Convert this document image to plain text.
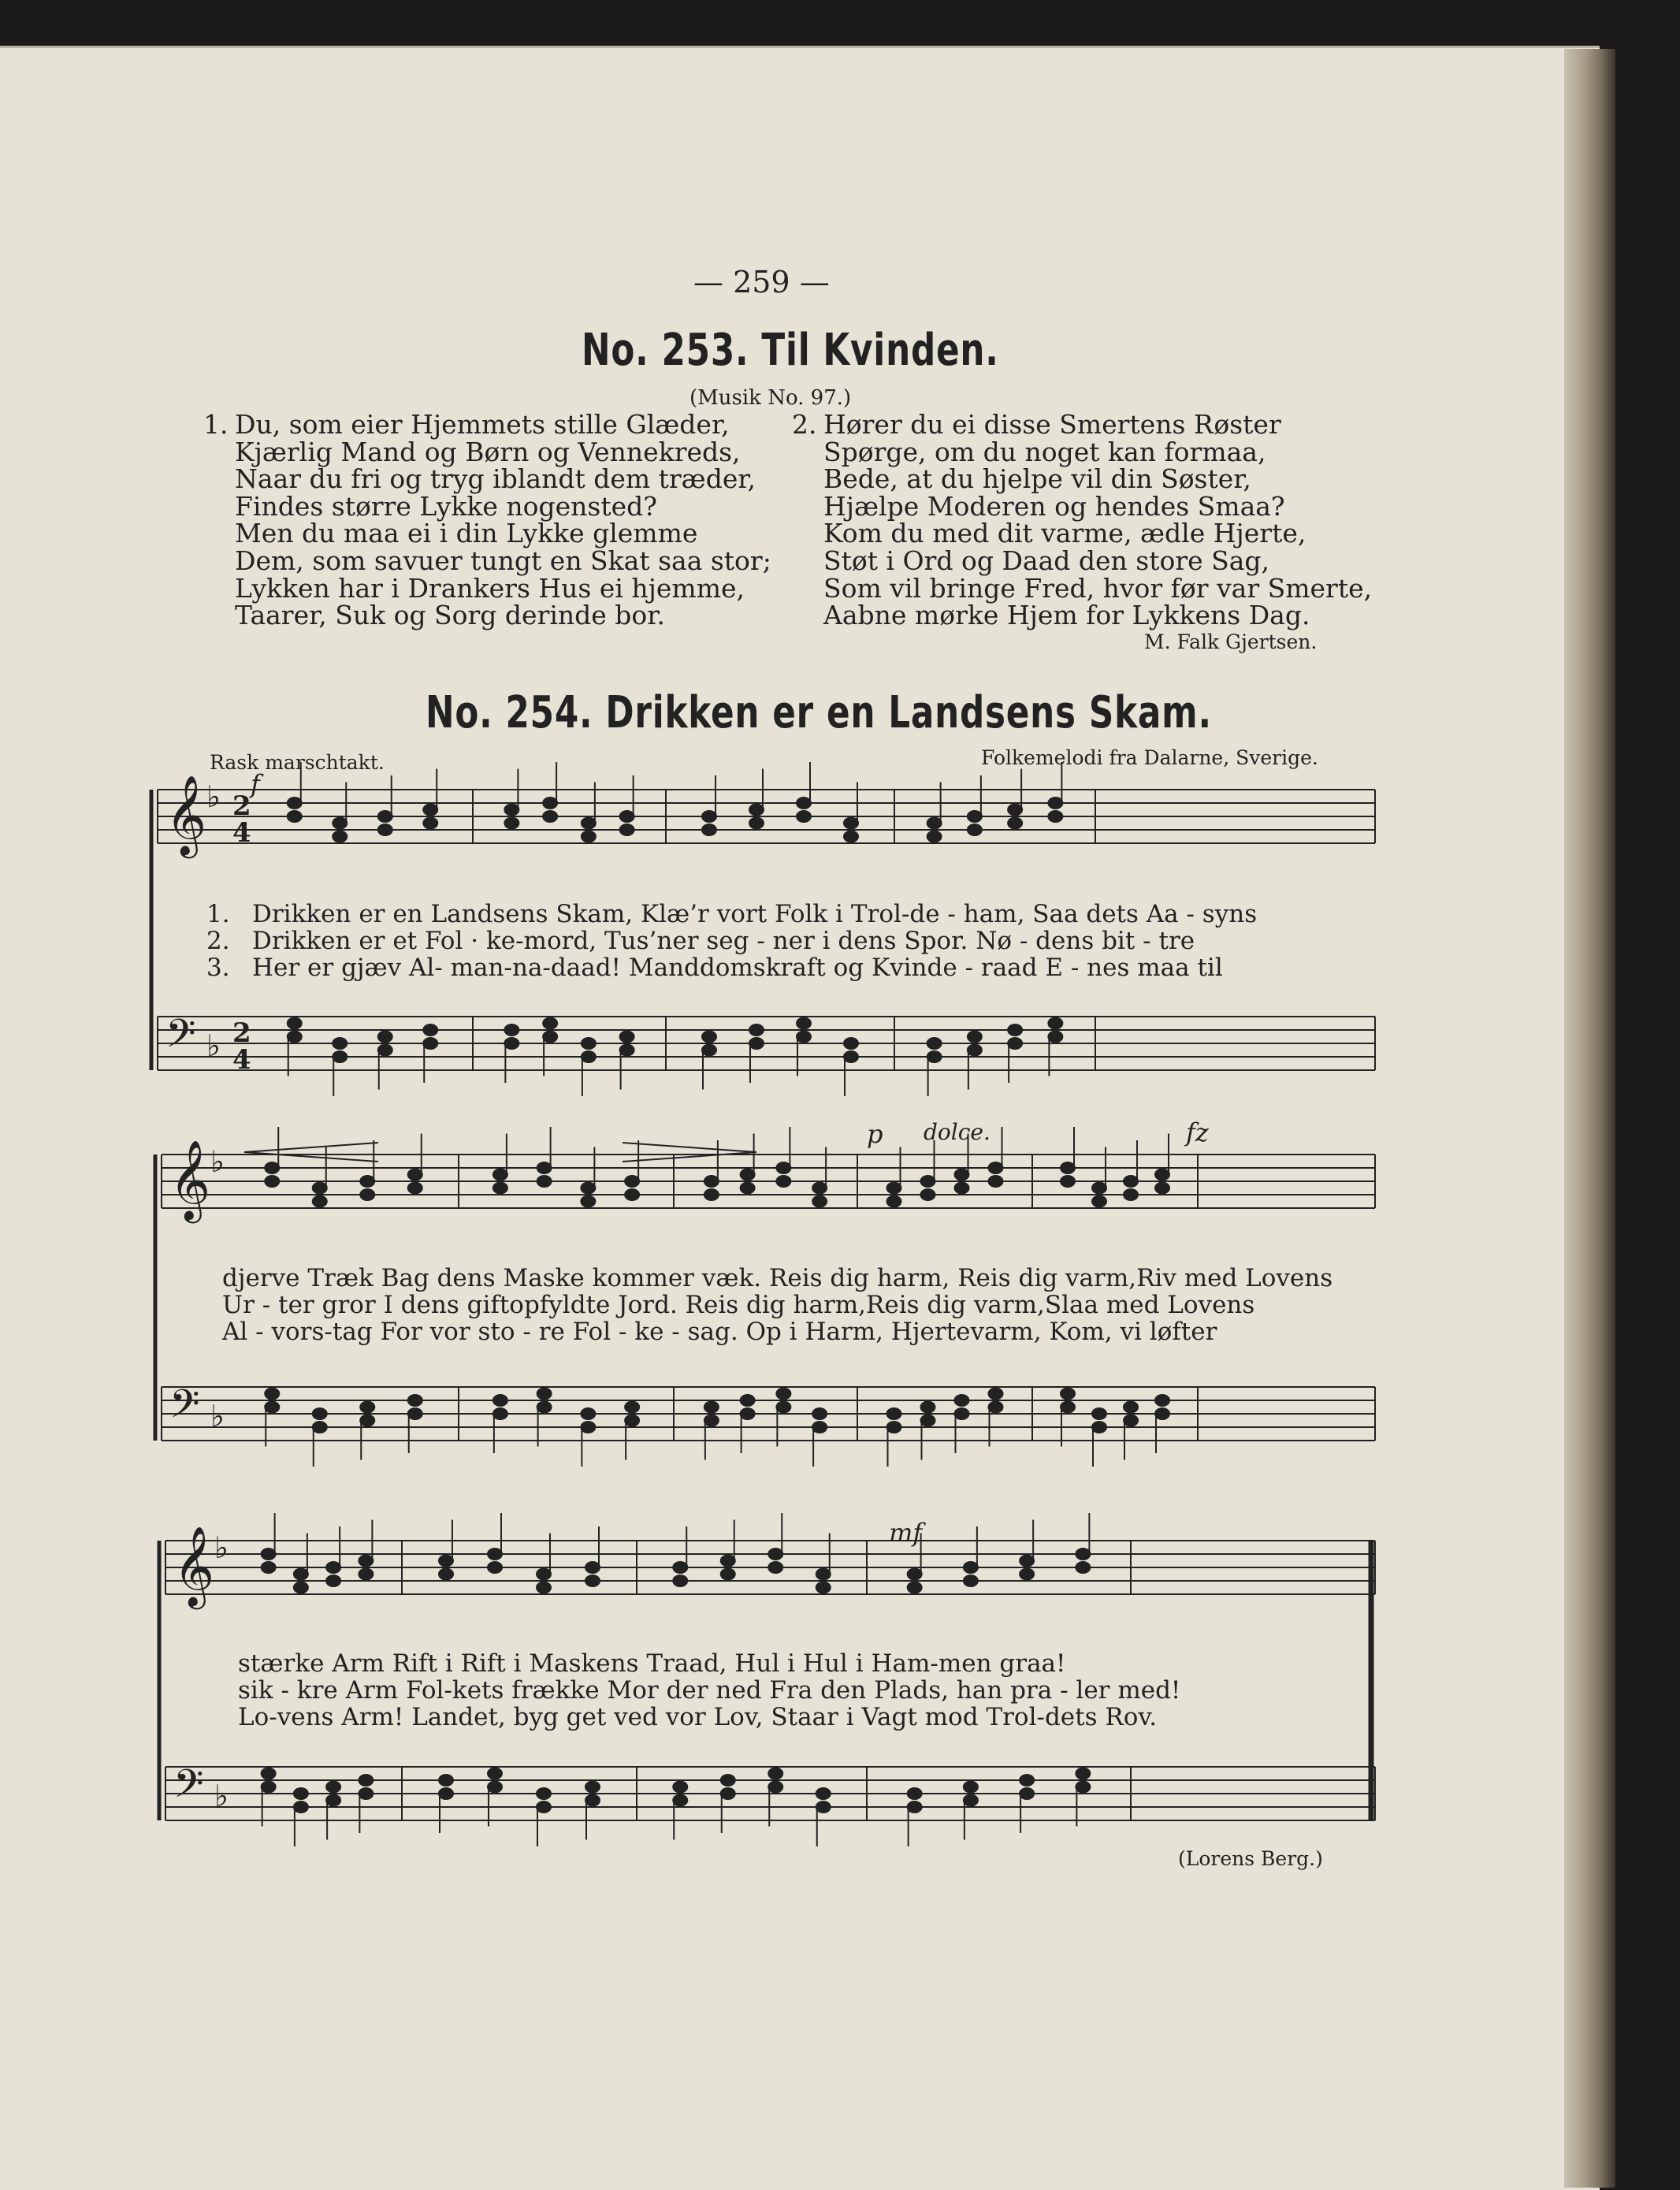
— 259 —
No. 253. Til Kvinden.
(Musik No. 97.)
1. Du, som eier Hjemmets stille Glæder,
Kjærlig Mand og Børn og Vennekreds,
Naar du fri og tryg iblandt dem træder,
Findes større Lykke nogensted?
Men du maa ei i din Lykke glemme
Dem, som savuer tungt en Skat saa stor;
Lykken har i Drankers Hus ei hjemme,
Taarer, Suk og Sorg derinde bor.
2. Hører du ei disse Smertens Røster
Spørge, om du noget kan formaa,
Bede, at du hjelpe vil din Søster,
Hjælpe Moderen og hendes Smaa?
Kom du med dit varme, ædle Hjerte,
Støt i Ord og Daad den store Sag,
Som vil bringe Fred, hvor før var Smerte,
Aabne mørke Hjem for Lykkens Dag.
M. Falk Gjertsen.
No. 254. Drikken er en Landsens Skam.
Rask marschtakt.	Folkemelodi fra Dalarne, Sverige.
𝄞 ♭
𝄢 ♭
𝄞 ♭
𝄢 ♭
𝄞 ♭
𝄢 ♭
2
4
2
4
f
p dolce.	fz
mf
1. Drikken er en Landsens Skam, Klæ’r vort Folk i Trol-de - ham, Saa dets Aa - syns
2. Drikken er et Fol · ke-mord, Tus’ner seg - ner i dens Spor. Nø - dens bit - tre
3. Her er gjæv Al- man-na-daad! Manddomskraft og Kvinde - raad E - nes maa til
djerve Træk Bag dens Maske kommer væk. Reis dig harm, Reis dig varm,Riv med Lovens
Ur - ter gror I dens giftopfyldte Jord. Reis dig harm,Reis dig varm,Slaa med Lovens
Al - vors-tag For vor sto - re Fol - ke - sag. Op i Harm, Hjertevarm, Kom, vi løfter
stærke Arm Rift i Rift i Maskens Traad, Hul i Hul i Ham-men graa!
sik - kre Arm Fol-kets frække Mor der ned Fra den Plads, han pra - ler med!
Lo-vens Arm! Landet, byg get ved vor Lov, Staar i Vagt mod Trol-dets Rov.
(Lorens Berg.)
